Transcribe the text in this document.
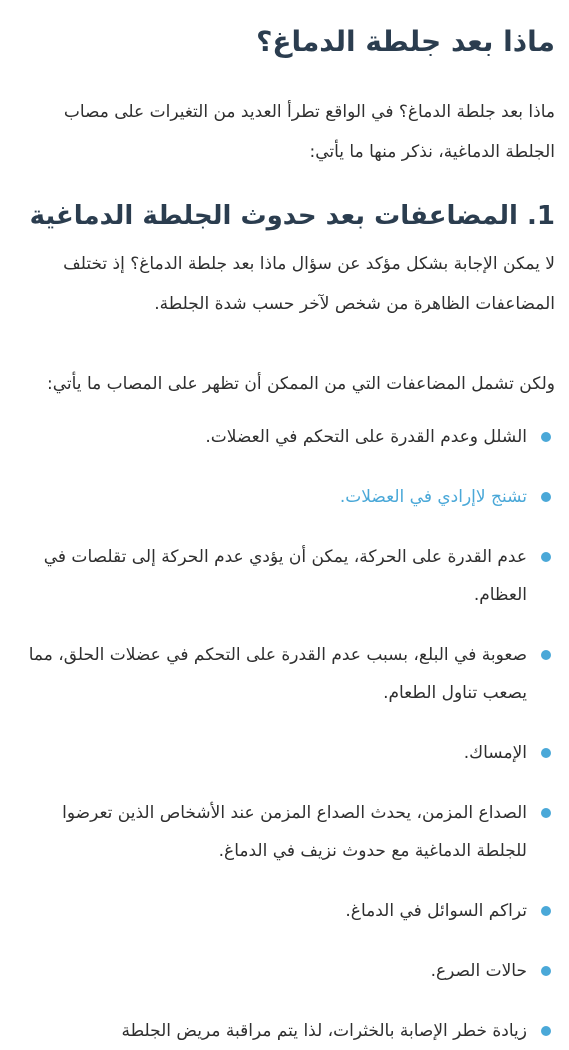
ماذا بعد جلطة الدماغ؟

ماذا بعد جلطة الدماغ؟ في الواقع تطرأ العديد من التغيرات على مصاب الجلطة الدماغية، نذكر منها ما يأتي:

1. المضاعفات بعد حدوث الجلطة الدماغية

لا يمكن الإجابة بشكل مؤكد عن سؤال ماذا بعد جلطة الدماغ؟ إذ تختلف المضاعفات الظاهرة من شخص لآخر حسب شدة الجلطة.

ولكن تشمل المضاعفات التي من الممكن أن تظهر على المصاب ما يأتي:

الشلل وعدم القدرة على التحكم في العضلات.
تشنج لاإرادي في العضلات.
عدم القدرة على الحركة، يمكن أن يؤدي عدم الحركة إلى تقلصات في العظام.
صعوبة في البلع، بسبب عدم القدرة على التحكم في عضلات الحلق، مما يصعب تناول الطعام.
الإمساك.
الصداع المزمن، يحدث الصداع المزمن عند الأشخاص الذين تعرضوا للجلطة الدماغية مع حدوث نزيف في الدماغ.
تراكم السوائل في الدماغ.
حالات الصرع.
زيادة خطر الإصابة بالخثرات، لذا يتم مراقبة مريض الجلطة
